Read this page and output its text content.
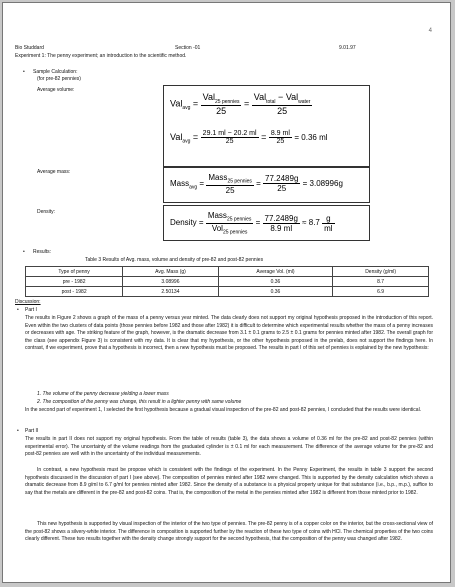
4
Bio Studdard	Section -01	9.01.97
Experiment 1: The penny experiment; an introduction to the scientific method.
• Sample Calculation:
(for pre-82 pennies)
Average volume:
$Val_{avg} = \frac{Val_{25 pennies}}{25} = \frac{Val_{total} - Val_{water}}{25}$
$Val_{avg} = \frac{29.1 ml - 20.2 ml}{25} = \frac{8.9 ml}{25} = 0.36$ ml
Average mass:
Mass$_{avg}$ = $\frac{Mass_{25 pennies}}{25} = \frac{77.2489g}{25} = 3.08996g$
Density:
Density = $\frac{Mass_{25 pennies}}{Vol_{25 pennies}} = \frac{77.2489g}{8.9 ml} \approx 8.7 \frac{g}{ml}$
• Results:
Table 3 Results of Avg. mass, volume and density of pre-82 and post-82 pennies
Type of penny	Avg. Mass (g)	Average Vol. (ml)	Density (g/ml)
pre - 1982	3.08996	0.36	8.7
post - 1982	2.50134	0.36	6.9
Discussion:
• Part I
The results in Figure 2 shows a graph of the mass of a penny versus year minted. The data clearly does not support my original hypothesis proposed in the introduction of this report. Even within the two clusters of data points (those pennies before 1982 and those after 1982) it is difficult to determine which experimental results whether the mass of a penny increases or decreases with age. The striking feature of the graph, however, is the dramatic decrease from 3.1 ± 0.1 grams to 2.5 ± 0.1 grams for pennies minted after 1982. The overall graph for the class (see appendix Figure 3) is consistent with my data. It is clear that my hypothesis, or the other hypothesis proposed in the prelab, does not support the findings here. In contrast, if we experiment, prove that a hypothesis is incorrect, then a new hypothesis must be proposed. The results in part I of this set of pennies is explained by the new hypothesis:
1. The volume of the penny decrease yielding a lower mass
2. The composition of the penny was change, this result in a lighter penny with same volume
In the second part of experiment 1, I selected the first hypothesis because a gradual visual inspection of the pre-82 and post-82 pennies, I concluded that the results were identical.
• Part II
The results in part II does not support my original hypothesis. From the table of results (table 3), the data shows a volume of 0.36 ml for the pre-82 and post-82 pennies (within experimental error). The uncertainty of the volume readings from the graduated cylinder is ± 0.1 ml for each measurement. The difference of the average volume for the pre-82 and post-82 pennies are well with in the uncertainty of the individual measurements.
In contrast, a new hypothesis must be propose which is consistent with the findings of the experiment. In the Penny Experiment, the results in table 3 support the second hypothesis discussed in the discussion of part I (see above). The composition of pennies minted after 1982 were changed. This is supported by the density calculation which shows a dramatic decrease from 8.9 g/ml to 6.7 g/ml for pennies minted after 1982. Since the density of a substance is a physical property unique for that substance (i.e., b.p., m.p.), suffice to say that the metals are different in the pre-82 and post-82 coins. That is, the composition of the metal in the pennies minted after 1982 is different from those minted prior to 1982.
This new hypothesis is supported by visual inspection of the interior of the two type of pennies. The pre-82 penny is of a copper color on the interior, but the cross-sectional view of the post-82 shows a silvery-white interior. The difference in composition is supported further by the reaction of these two type of coins with HCl. The chemical properties of the two coins clearly different. These two results together with the density change strongly support for the second hypothesis, that the composition of the penny was changed after 1982.
